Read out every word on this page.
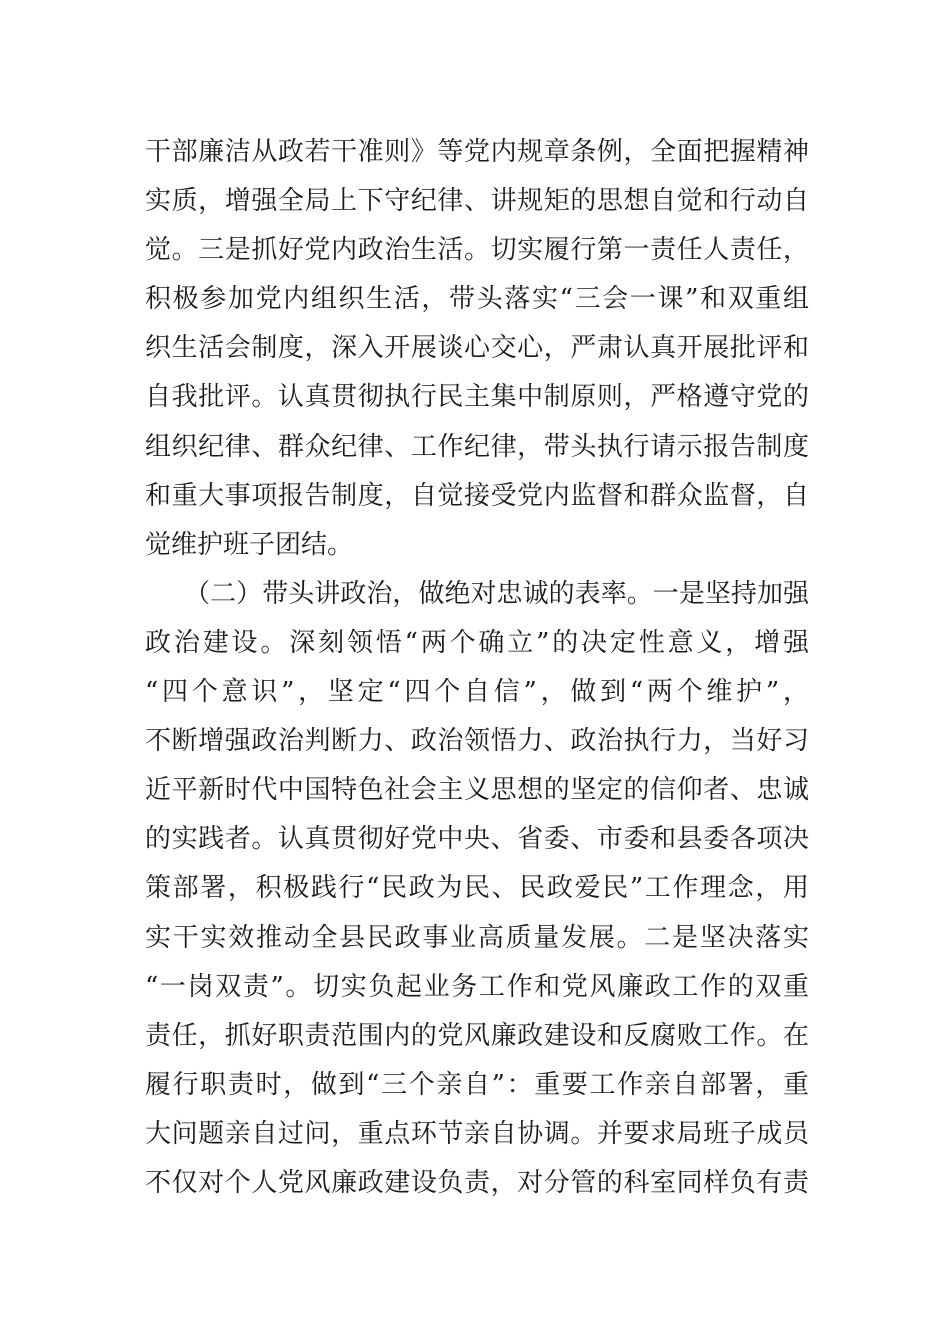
干部廉洁从政若干准则》等党内规章条例，全面把握精神
实质，增强全局上下守纪律、讲规矩的思想自觉和行动自
觉。三是抓好党内政治生活。切实履行第一责任人责任，
积极参加党内组织生活，带头落实“三会一课”和双重组
织生活会制度，深入开展谈心交心，严肃认真开展批评和
自我批评。认真贯彻执行民主集中制原则，严格遵守党的
组织纪律、群众纪律、工作纪律，带头执行请示报告制度
和重大事项报告制度，自觉接受党内监督和群众监督，自
觉维护班子团结。
　　（二）带头讲政治，做绝对忠诚的表率。一是坚持加强
政治建设。深刻领悟“两个确立”的决定性意义，增强
“四个意识”，坚定“四个自信”，做到“两个维护”，
不断增强政治判断力、政治领悟力、政治执行力，当好习
近平新时代中国特色社会主义思想的坚定的信仰者、忠诚
的实践者。认真贯彻好党中央、省委、市委和县委各项决
策部署，积极践行“民政为民、民政爱民”工作理念，用
实干实效推动全县民政事业高质量发展。二是坚决落实
“一岗双责”。切实负起业务工作和党风廉政工作的双重
责任，抓好职责范围内的党风廉政建设和反腐败工作。在
履行职责时，做到“三个亲自”：重要工作亲自部署，重
大问题亲自过问，重点环节亲自协调。并要求局班子成员
不仅对个人党风廉政建设负责，对分管的科室同样负有责
